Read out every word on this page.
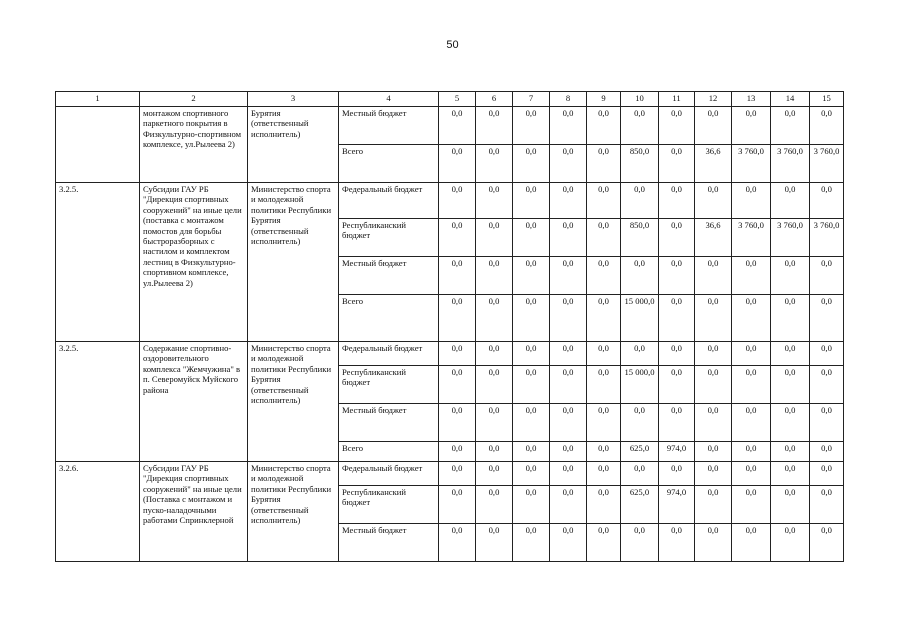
50
1	2	3	4	5	6	7	8	9	10	11	12	13	14	15
	монтажом спортивного паркетного покрытия в Физкультурно-спортивном комплексе, ул.Рылеева 2)	Бурятия (ответственный исполнитель)	Местный бюджет	0,0	0,0	0,0	0,0	0,0	0,0	0,0	0,0	0,0	0,0	0,0
			Всего	0,0	0,0	0,0	0,0	0,0	850,0	0,0	36,6	3 760,0	3 760,0	3 760,0
3.2.5.	Субсидии ГАУ РБ "Дирекция спортивных сооружений" на иные цели (поставка с монтажом помостов для борьбы быстроразборных с настилом и комплектом лестниц в Физкультурно-спортивном комплексе, ул.Рылеева 2)	Министерство спорта и молодежной политики Республики Бурятия (ответственный исполнитель)	Федеральный бюджет	0,0	0,0	0,0	0,0	0,0	0,0	0,0	0,0	0,0	0,0	0,0
			Республиканский бюджет	0,0	0,0	0,0	0,0	0,0	850,0	0,0	36,6	3 760,0	3 760,0	3 760,0
			Местный бюджет	0,0	0,0	0,0	0,0	0,0	0,0	0,0	0,0	0,0	0,0	0,0
			Всего	0,0	0,0	0,0	0,0	0,0	15 000,0	0,0	0,0	0,0	0,0	0,0
3.2.5.	Содержание спортивно-оздоровительного комплекса "Жемчужина" в п. Северомуйск Муйского района	Министерство спорта и молодежной политики Республики Бурятия (ответственный исполнитель)	Федеральный бюджет	0,0	0,0	0,0	0,0	0,0	0,0	0,0	0,0	0,0	0,0	0,0
			Республиканский бюджет	0,0	0,0	0,0	0,0	0,0	15 000,0	0,0	0,0	0,0	0,0	0,0
			Местный бюджет	0,0	0,0	0,0	0,0	0,0	0,0	0,0	0,0	0,0	0,0	0,0
			Всего	0,0	0,0	0,0	0,0	0,0	625,0	974,0	0,0	0,0	0,0	0,0
3.2.6.	Субсидии ГАУ РБ "Дирекция спортивных сооружений" на иные цели (Поставка с монтажом и пуско-наладочными работами Спринклерной	Министерство спорта и молодежной политики Республики Бурятия (ответственный исполнитель)	Федеральный бюджет	0,0	0,0	0,0	0,0	0,0	0,0	0,0	0,0	0,0	0,0	0,0
			Республиканский бюджет	0,0	0,0	0,0	0,0	0,0	625,0	974,0	0,0	0,0	0,0	0,0
			Местный бюджет	0,0	0,0	0,0	0,0	0,0	0,0	0,0	0,0	0,0	0,0	0,0
